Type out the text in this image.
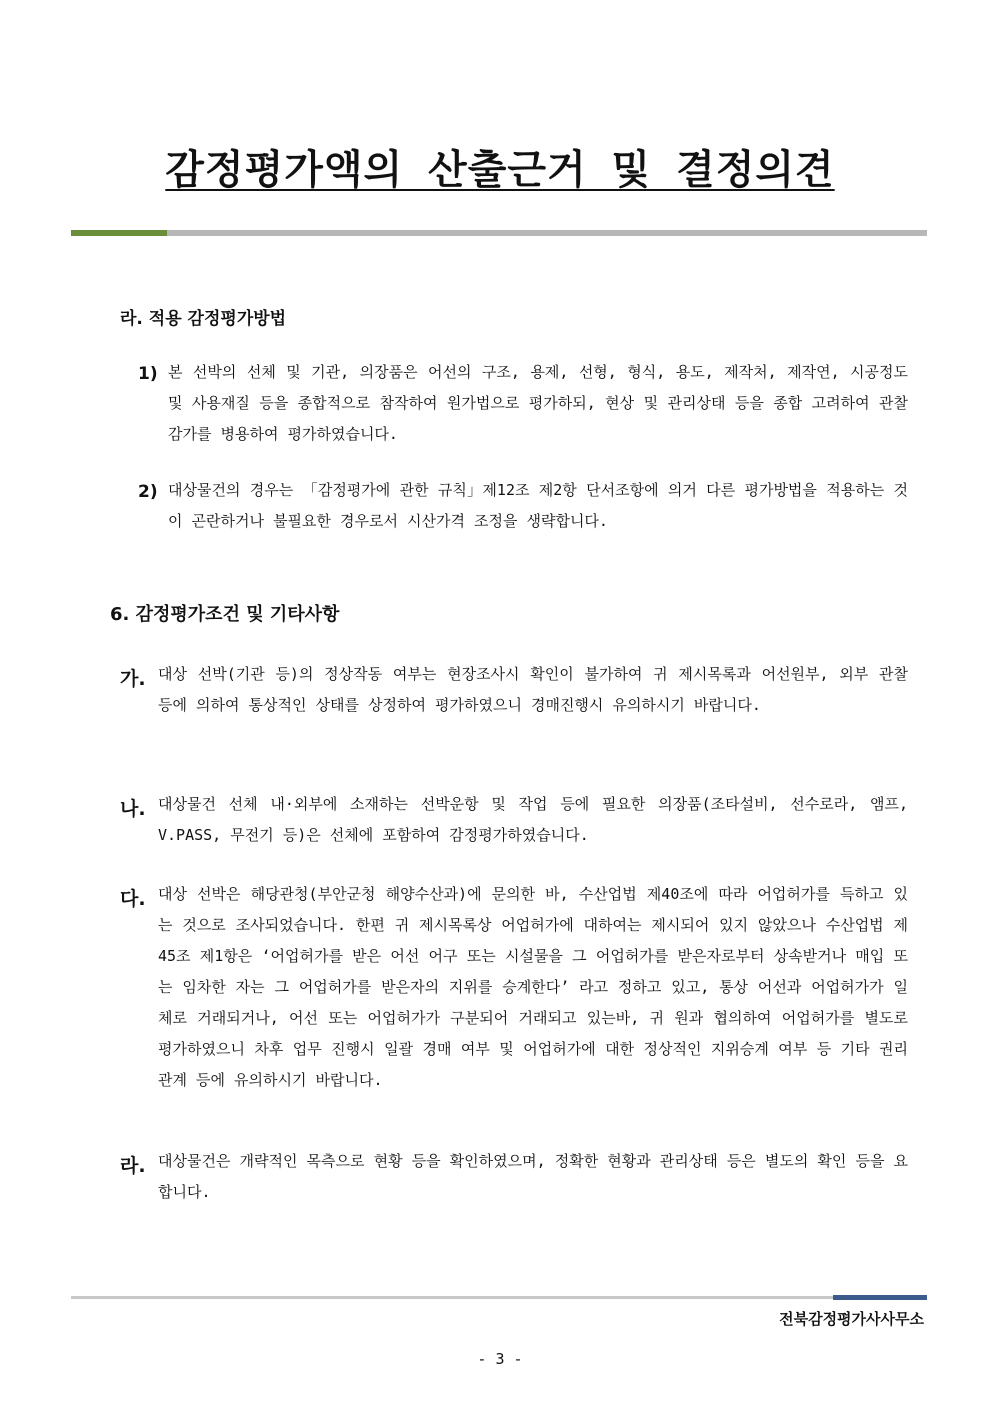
감정평가액의 산출근거 및 결정의견
라. 적용 감정평가방법
1) 본 선박의 선체 및 기관, 의장품은 어선의 구조, 용제, 선형, 형식, 용도, 제작처, 제작연, 시공정도 및 사용재질 등을 종합적으로 참작하여 원가법으로 평가하되, 현상 및 관리상태 등을 종합 고려하여 관찰감가를 병용하여 평가하였습니다.
2) 대상물건의 경우는 「감정평가에 관한 규칙」제12조 제2항 단서조항에 의거 다른 평가방법을 적용하는 것이 곤란하거나 불필요한 경우로서 시산가격 조정을 생략합니다.
6. 감정평가조건 및 기타사항
가. 대상 선박(기관 등)의 정상작동 여부는 현장조사시 확인이 불가하여 귀 제시목록과 어선원부, 외부 관찰 등에 의하여 통상적인 상태를 상정하여 평가하였으니 경매진행시 유의하시기 바랍니다.
나. 대상물건 선체 내·외부에 소재하는 선박운항 및 작업 등에 필요한 의장품(조타설비, 선수로라, 앰프, V.PASS, 무전기 등)은 선체에 포함하여 감정평가하였습니다.
다. 대상 선박은 해당관청(부안군청 해양수산과)에 문의한 바, 수산업법 제40조에 따라 어업허가를 득하고 있는 것으로 조사되었습니다. 한편 귀 제시목록상 어업허가에 대하여는 제시되어 있지 않았으나 수산업법 제45조 제1항은 ‘어업허가를 받은 어선 어구 또는 시설물을 그 어업허가를 받은자로부터 상속받거나 매입 또는 임차한 자는 그 어업허가를 받은자의 지위를 승계한다’ 라고 정하고 있고, 통상 어선과 어업허가가 일체로 거래되거나, 어선 또는 어업허가가 구분되어 거래되고 있는바, 귀 원과 협의하여 어업허가를 별도로 평가하였으니 차후 업무 진행시 일괄 경매 여부 및 어업허가에 대한 정상적인 지위승계 여부 등 기타 권리관계 등에 유의하시기 바랍니다.
라. 대상물건은 개략적인 목측으로 현황 등을 확인하였으며, 정확한 현황과 관리상태 등은 별도의 확인 등을 요합니다.
전북감정평가사사무소
- 3 -
